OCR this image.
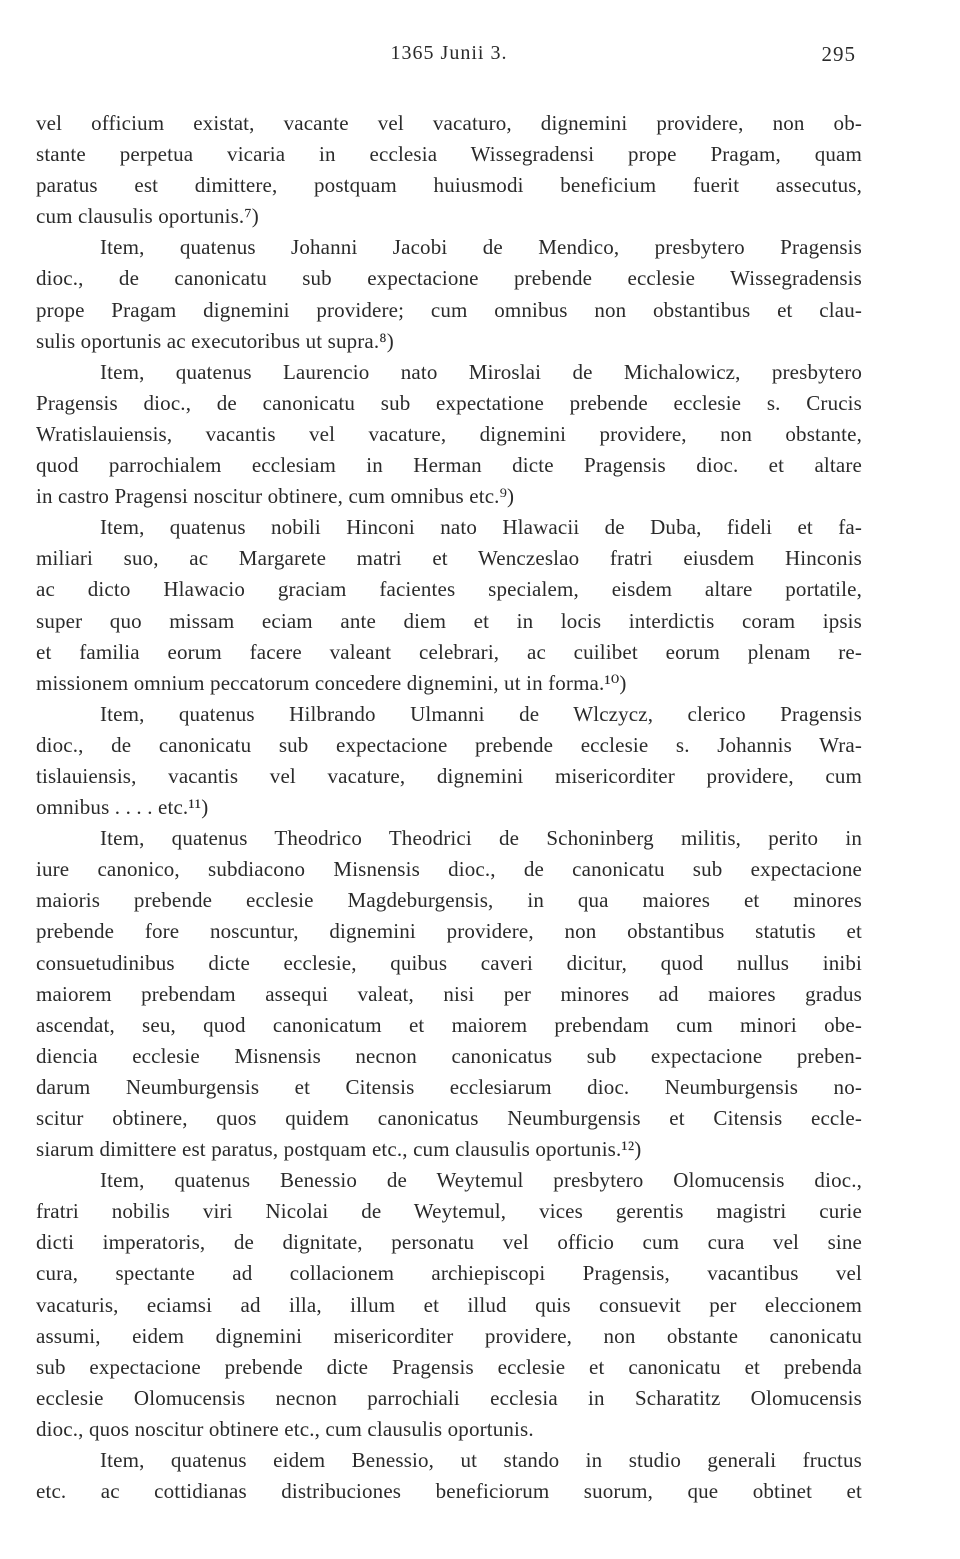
1365 Junii 3.	295
vel officium existat, vacante vel vacaturo, dignemini providere, non ob-
stante perpetua vicaria in ecclesia Wissegradensi prope Pragam, quam
paratus est dimittere, postquam huiusmodi beneficium fuerit assecutus,
cum clausulis oportunis.⁷)
Item, quatenus Johanni Jacobi de Mendico, presbytero Pragensis
dioc., de canonicatu sub expectacione prebende ecclesie Wissegradensis
prope Pragam dignemini providere; cum omnibus non obstantibus et clau-
sulis oportunis ac executoribus ut supra.⁸)
Item, quatenus Laurencio nato Miroslai de Michalowicz, presbytero
Pragensis dioc., de canonicatu sub expectatione prebende ecclesie s. Crucis
Wratislauiensis, vacantis vel vacature, dignemini providere, non obstante,
quod parrochialem ecclesiam in Herman dicte Pragensis dioc. et altare
in castro Pragensi noscitur obtinere, cum omnibus etc.⁹)
Item, quatenus nobili Hinconi nato Hlawacii de Duba, fideli et fa-
miliari suo, ac Margarete matri et Wenczeslao fratri eiusdem Hinconis
ac dicto Hlawacio graciam facientes specialem, eisdem altare portatile,
super quo missam eciam ante diem et in locis interdictis coram ipsis
et familia eorum facere valeant celebrari, ac cuilibet eorum plenam re-
missionem omnium peccatorum concedere dignemini, ut in forma.¹⁰)
Item, quatenus Hilbrando Ulmanni de Wlczycz, clerico Pragensis
dioc., de canonicatu sub expectacione prebende ecclesie s. Johannis Wra-
tislauiensis, vacantis vel vacature, dignemini misericorditer providere, cum
omnibus . . . . etc.¹¹)
Item, quatenus Theodrico Theodrici de Schoninberg militis, perito in
iure canonico, subdiacono Misnensis dioc., de canonicatu sub expectacione
maioris prebende ecclesie Magdeburgensis, in qua maiores et minores
prebende fore noscuntur, dignemini providere, non obstantibus statutis et
consuetudinibus dicte ecclesie, quibus caveri dicitur, quod nullus inibi
maiorem prebendam assequi valeat, nisi per minores ad maiores gradus
ascendat, seu, quod canonicatum et maiorem prebendam cum minori obe-
diencia ecclesie Misnensis necnon canonicatus sub expectacione preben-
darum Neumburgensis et Citensis ecclesiarum dioc. Neumburgensis no-
scitur obtinere, quos quidem canonicatus Neumburgensis et Citensis eccle-
siarum dimittere est paratus, postquam etc., cum clausulis oportunis.¹²)
Item, quatenus Benessio de Weytemul presbytero Olomucensis dioc.,
fratri nobilis viri Nicolai de Weytemul, vices gerentis magistri curie
dicti imperatoris, de dignitate, personatu vel officio cum cura vel sine
cura, spectante ad collacionem archiepiscopi Pragensis, vacantibus vel
vacaturis, eciamsi ad illa, illum et illud quis consuevit per eleccionem
assumi, eidem dignemini misericorditer providere, non obstante canonicatu
sub expectacione prebende dicte Pragensis ecclesie et canonicatu et prebenda
ecclesie Olomucensis necnon parrochiali ecclesia in Scharatitz Olomucensis
dioc., quos noscitur obtinere etc., cum clausulis oportunis.
Item, quatenus eidem Benessio, ut stando in studio generali fructus
etc. ac cottidianas distribuciones beneficiorum suorum, que obtinet et
